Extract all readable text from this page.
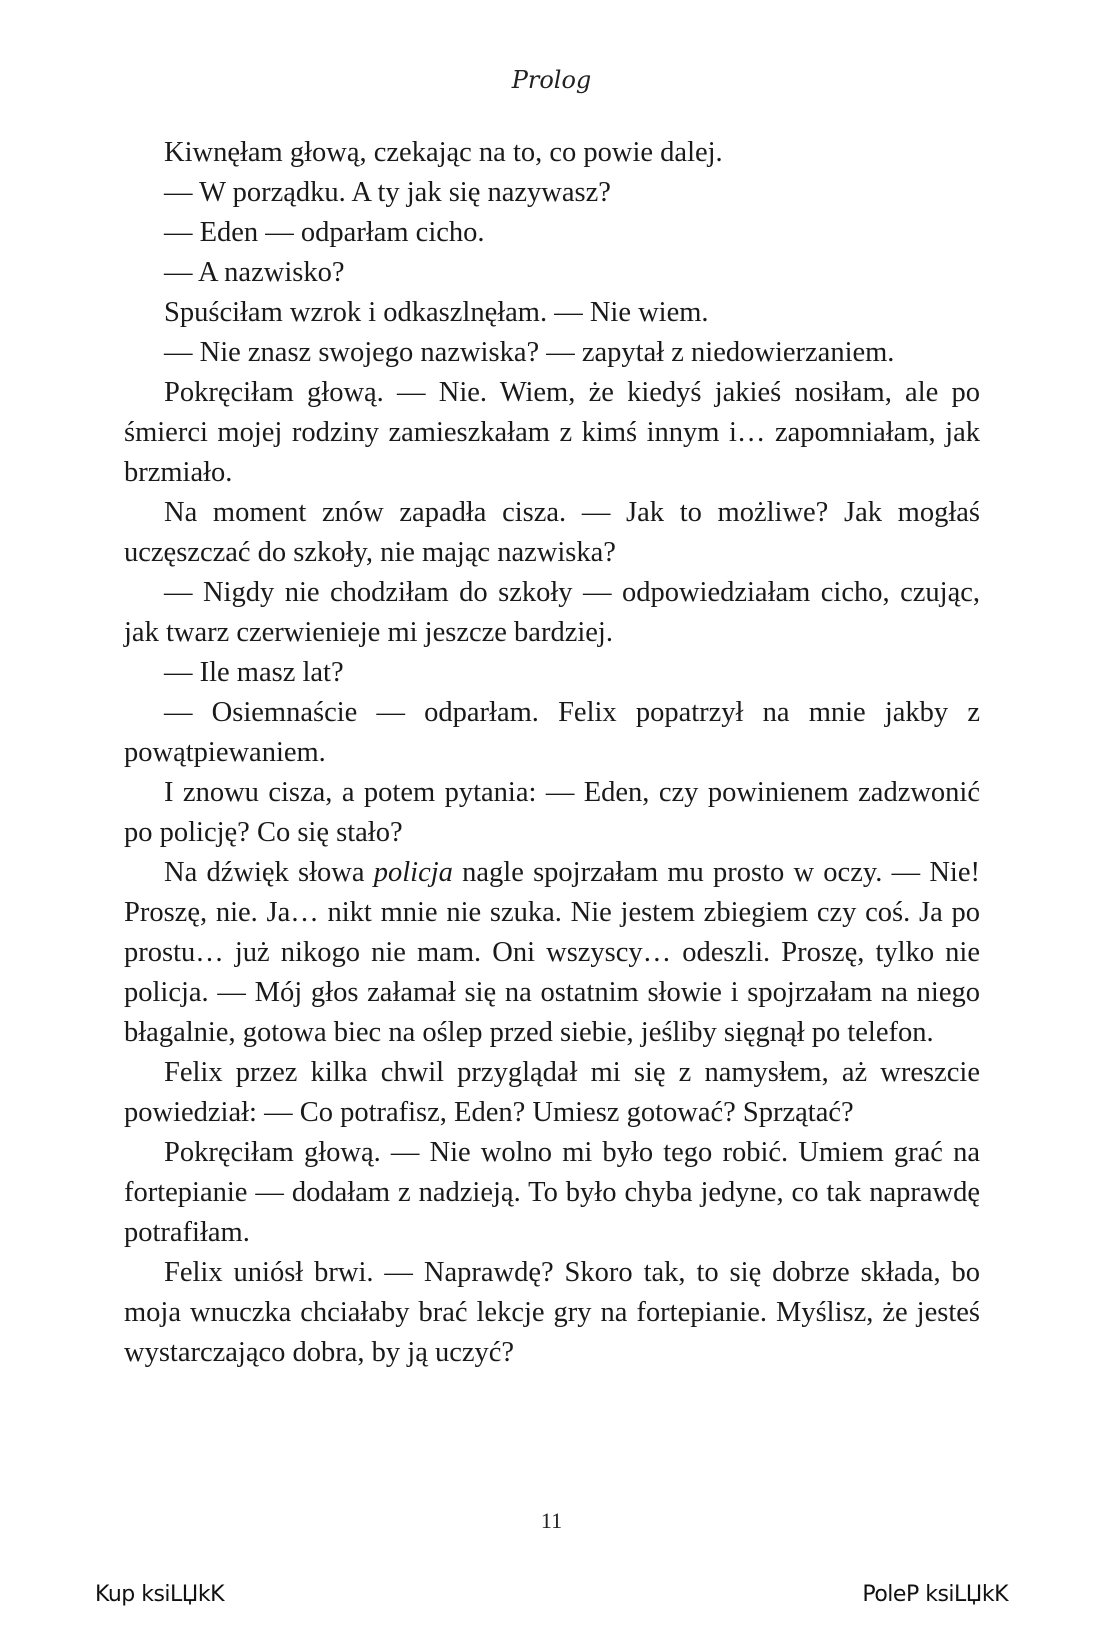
Prolog

Kiwnęłam głową, czekając na to, co powie dalej.

— W porządku. A ty jak się nazywasz?

— Eden — odparłam cicho.

— A nazwisko?

Spuściłam wzrok i odkaszlnęłam. — Nie wiem.

— Nie znasz swojego nazwiska? — zapytał z niedowierzaniem.

Pokręciłam głową. — Nie. Wiem, że kiedyś jakieś nosiłam, ale po śmierci mojej rodziny zamieszkałam z kimś innym i… zapomniałam, jak brzmiało.

Na moment znów zapadła cisza. — Jak to możliwe? Jak mogłaś uczęszczać do szkoły, nie mając nazwiska?

— Nigdy nie chodziłam do szkoły — odpowiedziałam cicho, czując, jak twarz czerwienieje mi jeszcze bardziej.

— Ile masz lat?

— Osiemnaście — odparłam. Felix popatrzył na mnie jakby z powątpiewaniem.

I znowu cisza, a potem pytania: — Eden, czy powinienem zadzwonić po policję? Co się stało?

Na dźwięk słowa policja nagle spojrzałam mu prosto w oczy. — Nie! Proszę, nie. Ja… nikt mnie nie szuka. Nie jestem zbiegiem czy coś. Ja po prostu… już nikogo nie mam. Oni wszyscy… odeszli. Proszę, tylko nie policja. — Mój głos załamał się na ostatnim słowie i spojrzałam na niego błagalnie, gotowa biec na oślep przed siebie, jeśliby sięgnął po telefon.

Felix przez kilka chwil przyglądał mi się z namysłem, aż wreszcie powiedział: — Co potrafisz, Eden? Umiesz gotować? Sprzątać?

Pokręciłam głową. — Nie wolno mi było tego robić. Umiem grać na fortepianie — dodałam z nadzieją. To było chyba jedyne, co tak naprawdę potrafiłam.

Felix uniósł brwi. — Naprawdę? Skoro tak, to się dobrze składa, bo moja wnuczka chciałaby brać lekcje gry na fortepianie. Myślisz, że jesteś wystarczająco dobra, by ją uczyć?

11
Kup ksiLЏkK	PoleP ksiLЏkK
